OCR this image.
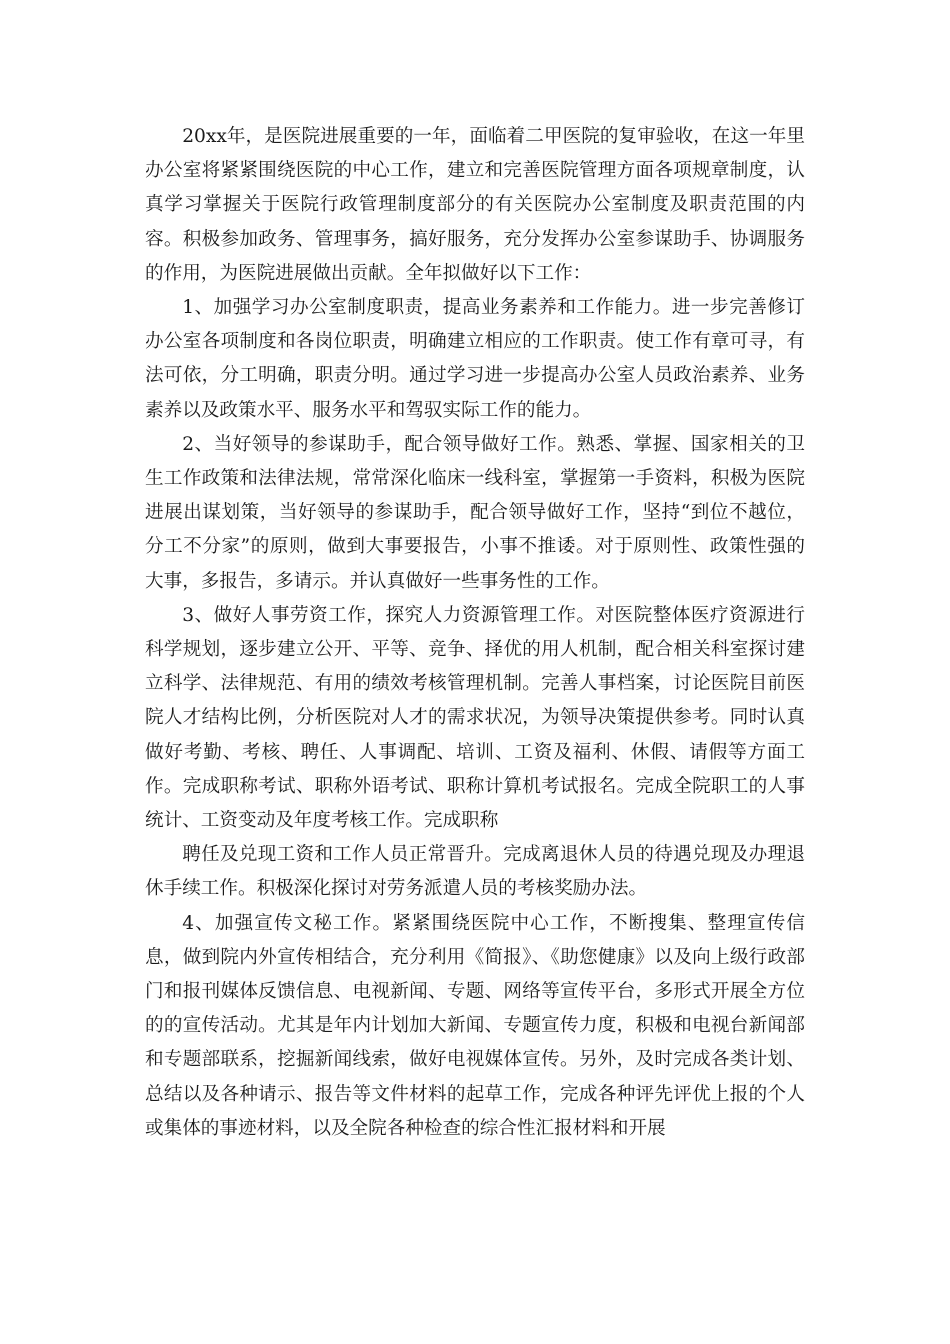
20xx年，是医院进展重要的一年，面临着二甲医院的复审验收，在这一年里办公室将紧紧围绕医院的中心工作，建立和完善医院管理方面各项规章制度，认真学习掌握关于医院行政管理制度部分的有关医院办公室制度及职责范围的内容。积极参加政务、管理事务，搞好服务，充分发挥办公室参谋助手、协调服务的作用，为医院进展做出贡献。全年拟做好以下工作：

1、加强学习办公室制度职责，提高业务素养和工作能力。进一步完善修订办公室各项制度和各岗位职责，明确建立相应的工作职责。使工作有章可寻，有法可依，分工明确，职责分明。通过学习进一步提高办公室人员政治素养、业务素养以及政策水平、服务水平和驾驭实际工作的能力。

2、当好领导的参谋助手，配合领导做好工作。熟悉、掌握、国家相关的卫生工作政策和法律法规，常常深化临床一线科室，掌握第一手资料，积极为医院进展出谋划策，当好领导的参谋助手，配合领导做好工作，坚持“到位不越位，分工不分家”的原则，做到大事要报告，小事不推诿。对于原则性、政策性强的大事，多报告，多请示。并认真做好一些事务性的工作。

3、做好人事劳资工作，探究人力资源管理工作。对医院整体医疗资源进行科学规划，逐步建立公开、平等、竞争、择优的用人机制，配合相关科室探讨建立科学、法律规范、有用的绩效考核管理机制。完善人事档案，讨论医院目前医院人才结构比例，分析医院对人才的需求状况，为领导决策提供参考。同时认真做好考勤、考核、聘任、人事调配、培训、工资及福利、休假、请假等方面工作。完成职称考试、职称外语考试、职称计算机考试报名。完成全院职工的人事统计、工资变动及年度考核工作。完成职称

聘任及兑现工资和工作人员正常晋升。完成离退休人员的待遇兑现及办理退休手续工作。积极深化探讨对劳务派遣人员的考核奖励办法。

4、加强宣传文秘工作。紧紧围绕医院中心工作，不断搜集、整理宣传信息，做到院内外宣传相结合，充分利用《简报》、《助您健康》以及向上级行政部门和报刊媒体反馈信息、电视新闻、专题、网络等宣传平台，多形式开展全方位的的宣传活动。尤其是年内计划加大新闻、专题宣传力度，积极和电视台新闻部和专题部联系，挖掘新闻线索，做好电视媒体宣传。另外，及时完成各类计划、总结以及各种请示、报告等文件材料的起草工作，完成各种评先评优上报的个人或集体的事迹材料，以及全院各种检查的综合性汇报材料和开展
